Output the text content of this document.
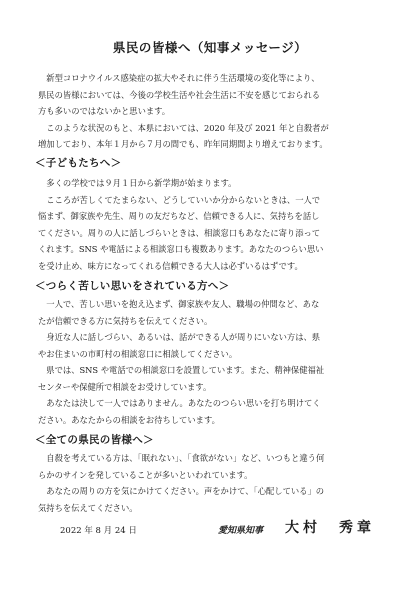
県民の皆様へ（知事メッセージ）
新型コロナウイルス感染症の拡大やそれに伴う生活環境の変化等により、
県民の皆様においては、今後の学校生活や社会生活に不安を感じておられる
方も多いのではないかと思います。
このような状況のもと、本県においては、2020 年及び 2021 年と自殺者が
増加しており、本年１月から７月の間でも、昨年同期間より増えております。
＜子どもたちへ＞
多くの学校では９月１日から新学期が始まります。
こころが苦しくてたまらない、どうしていいか分からないときは、一人で
悩まず、御家族や先生、周りの友だちなど、信頼できる人に、気持ちを話し
てください。周りの人に話しづらいときは、相談窓口もあなたに寄り添って
くれます。SNS や電話による相談窓口も複数あります。あなたのつらい思い
を受け止め、味方になってくれる信頼できる大人は必ずいるはずです。
＜つらく苦しい思いをされている方へ＞
一人で、苦しい思いを抱え込まず、御家族や友人、職場の仲間など、あな
たが信頼できる方に気持ちを伝えてください。
身近な人に話しづらい、あるいは、話ができる人が周りにいない方は、県
やお住まいの市町村の相談窓口に相談してください。
県では、SNS や電話での相談窓口を設置しています。また、精神保健福祉
センターや保健所で相談をお受けしています。
あなたは決して一人ではありません。あなたのつらい思いを打ち明けてく
ださい。あなたからの相談をお待ちしています。
＜全ての県民の皆様へ＞
自殺を考えている方は、「眠れない」、「食欲がない」など、いつもと違う何
らかのサインを発していることが多いといわれています。
あなたの周りの方を気にかけてください。声をかけて、「心配している」の
気持ちを伝えてください。
2022 年 8 月 24 日	愛知県知事 大村　秀章
